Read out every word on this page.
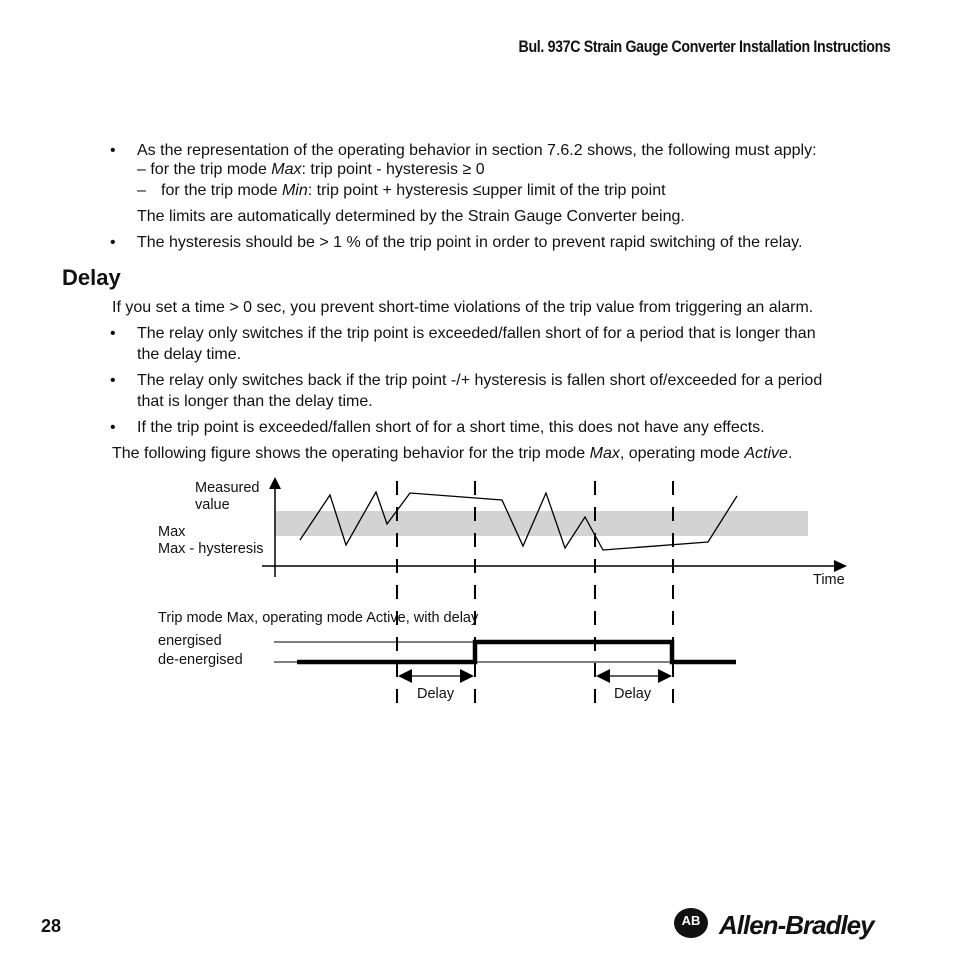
Bul. 937C Strain Gauge Converter Installation Instructions
• As the representation of the operating behavior in section 7.6.2 shows, the following must apply:
– for the trip mode Max: trip point - hysteresis ≥ 0
– for the trip mode Min: trip point + hysteresis ≤upper limit of the trip point
The limits are automatically determined by the Strain Gauge Converter being.
• The hysteresis should be > 1 % of the trip point in order to prevent rapid switching of the relay.
Delay
If you set a time > 0 sec, you prevent short-time violations of the trip value from triggering an alarm.
• The relay only switches if the trip point is exceeded/fallen short of for a period that is longer than
the delay time.
• The relay only switches back if the trip point -/+ hysteresis is fallen short of/exceeded for a period
that is longer than the delay time.
• If the trip point is exceeded/fallen short of for a short time, this does not have any effects.
The following figure shows the operating behavior for the trip mode Max, operating mode Active.
Measured
value
Max
Max - hysteresis
Time
Trip mode Max, operating mode Active, with delay
energised
de-energised
Delay	Delay
28	AB Allen-Bradley
